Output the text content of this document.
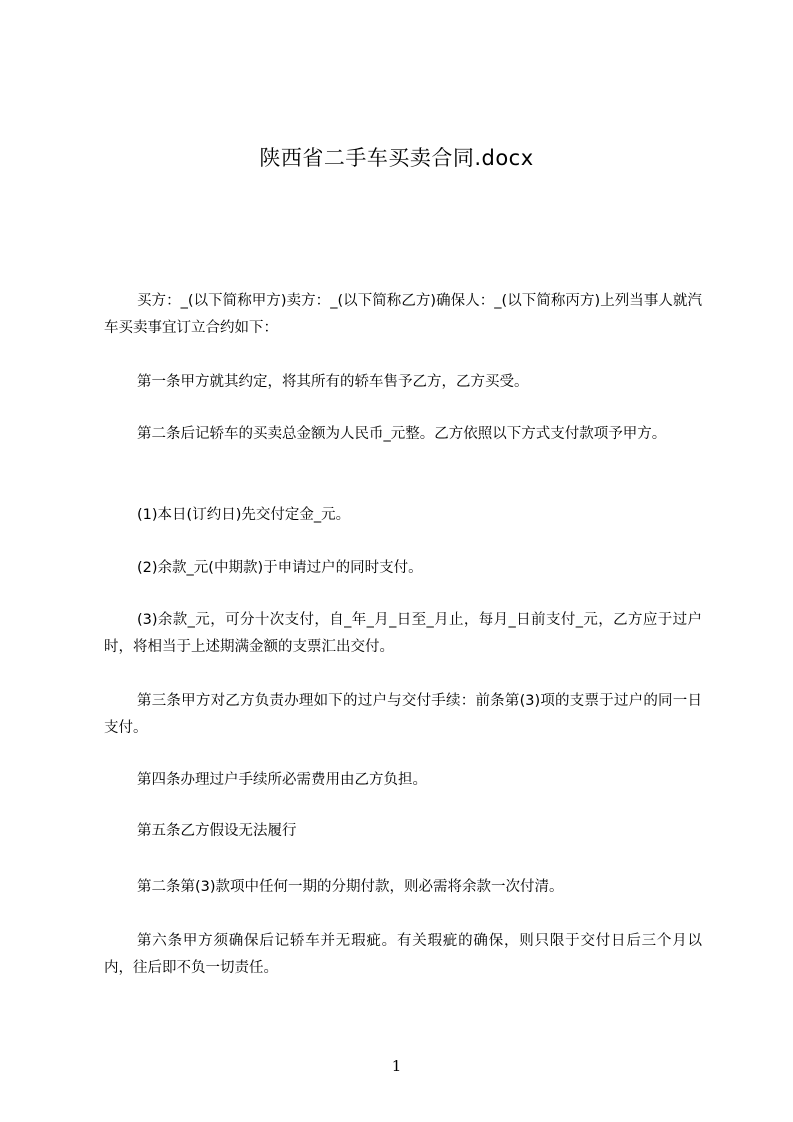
陕西省二手车买卖合同.docx
买方：_(以下简称甲方)卖方：_(以下简称乙方)确保人：_(以下简称丙方)上列当事人就汽车买卖事宜订立合约如下：
第一条甲方就其约定，将其所有的轿车售予乙方，乙方买受。
第二条后记轿车的买卖总金额为人民币_元整。乙方依照以下方式支付款项予甲方。
(1)本日(订约日)先交付定金_元。
(2)余款_元(中期款)于申请过户的同时支付。
(3)余款_元，可分十次支付，自_年_月_日至_月止，每月_日前支付_元，乙方应于过户时，将相当于上述期满金额的支票汇出交付。
第三条甲方对乙方负责办理如下的过户与交付手续：前条第(3)项的支票于过户的同一日支付。
第四条办理过户手续所必需费用由乙方负担。
第五条乙方假设无法履行
第二条第(3)款项中任何一期的分期付款，则必需将余款一次付清。
第六条甲方须确保后记轿车并无瑕疵。有关瑕疵的确保，则只限于交付日后三个月以内，往后即不负一切责任。
1
